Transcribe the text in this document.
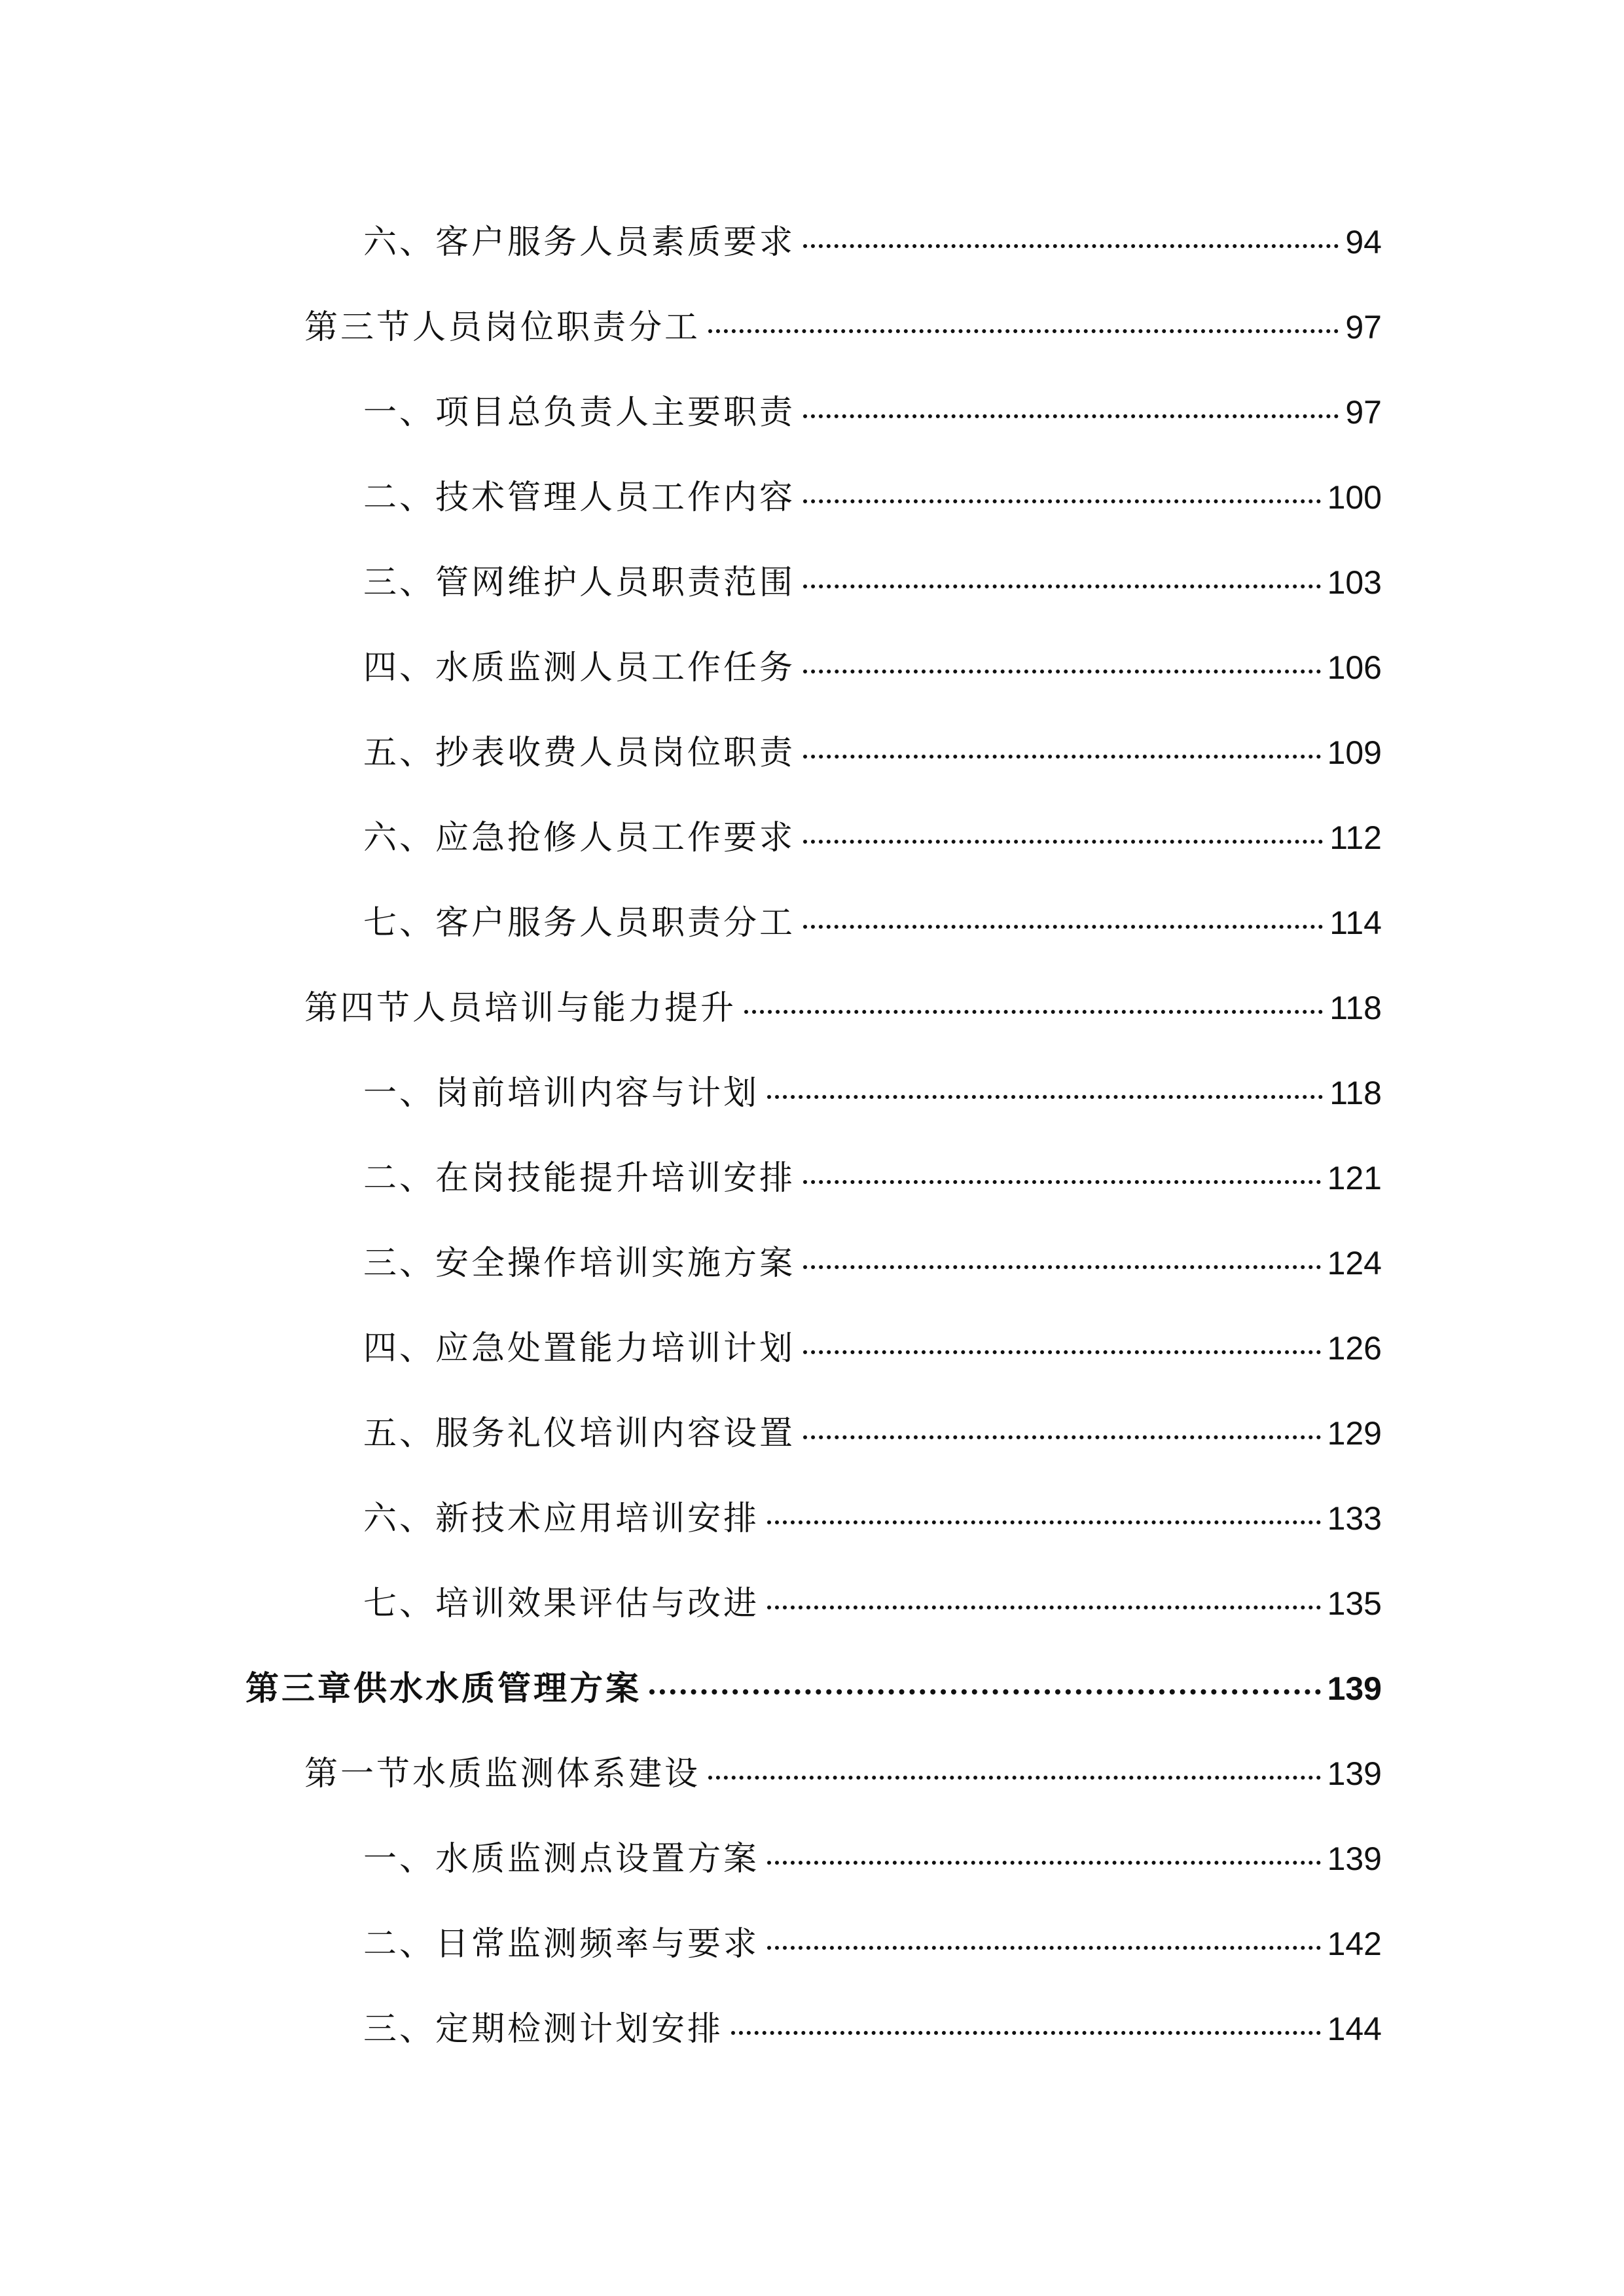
六、客户服务人员素质要求	94
第三节人员岗位职责分工	97
一、项目总负责人主要职责	97
二、技术管理人员工作内容	100
三、管网维护人员职责范围	103
四、水质监测人员工作任务	106
五、抄表收费人员岗位职责	109
六、应急抢修人员工作要求	112
七、客户服务人员职责分工	114
第四节人员培训与能力提升	118
一、岗前培训内容与计划	118
二、在岗技能提升培训安排	121
三、安全操作培训实施方案	124
四、应急处置能力培训计划	126
五、服务礼仪培训内容设置	129
六、新技术应用培训安排	133
七、培训效果评估与改进	135
第三章供水水质管理方案	139
第一节水质监测体系建设	139
一、水质监测点设置方案	139
二、日常监测频率与要求	142
三、定期检测计划安排	144
